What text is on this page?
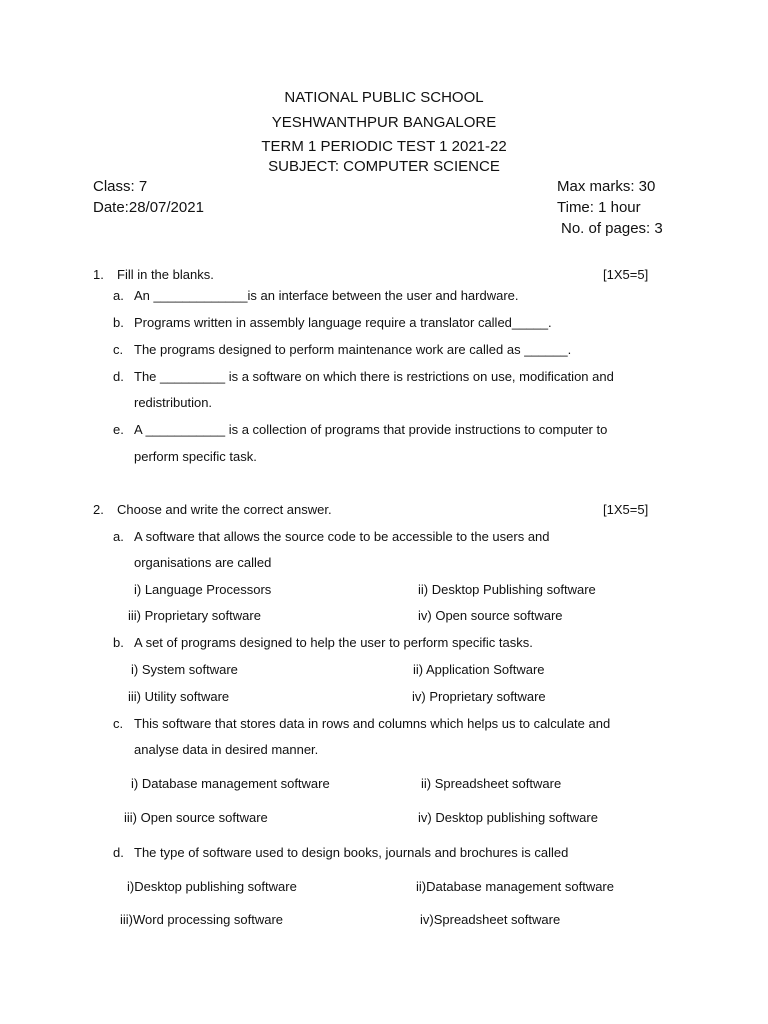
NATIONAL PUBLIC SCHOOL
YESHWANTHPUR BANGALORE
TERM 1 PERIODIC TEST 1 2021-22
SUBJECT: COMPUTER SCIENCE
Class: 7
Date:28/07/2021
Max marks: 30
Time: 1 hour
No. of pages: 3
1. Fill in the blanks.	[1X5=5]
a. An _____________is an interface between the user and hardware.
b. Programs written in assembly language require a translator called_____.
c. The programs designed to perform maintenance work are called as ______.
d. The _________ is a software on which there is restrictions on use, modification and
redistribution.
e. A ___________ is a collection of programs that provide instructions to computer to
perform specific task.
2. Choose and write the correct answer.	[1X5=5]
a. A software that allows the source code to be accessible to the users and
organisations are called
i) Language Processors	ii) Desktop Publishing software
iii) Proprietary software	iv) Open source software
b. A set of programs designed to help the user to perform specific tasks.
i) System software	ii) Application Software
iii) Utility software	iv) Proprietary software
c. This software that stores data in rows and columns which helps us to calculate and
analyse data in desired manner.
i) Database management software	ii) Spreadsheet software
iii) Open source software	iv) Desktop publishing software
d. The type of software used to design books, journals and brochures is called
i)Desktop publishing software	ii)Database management software
iii)Word processing software	iv)Spreadsheet software
